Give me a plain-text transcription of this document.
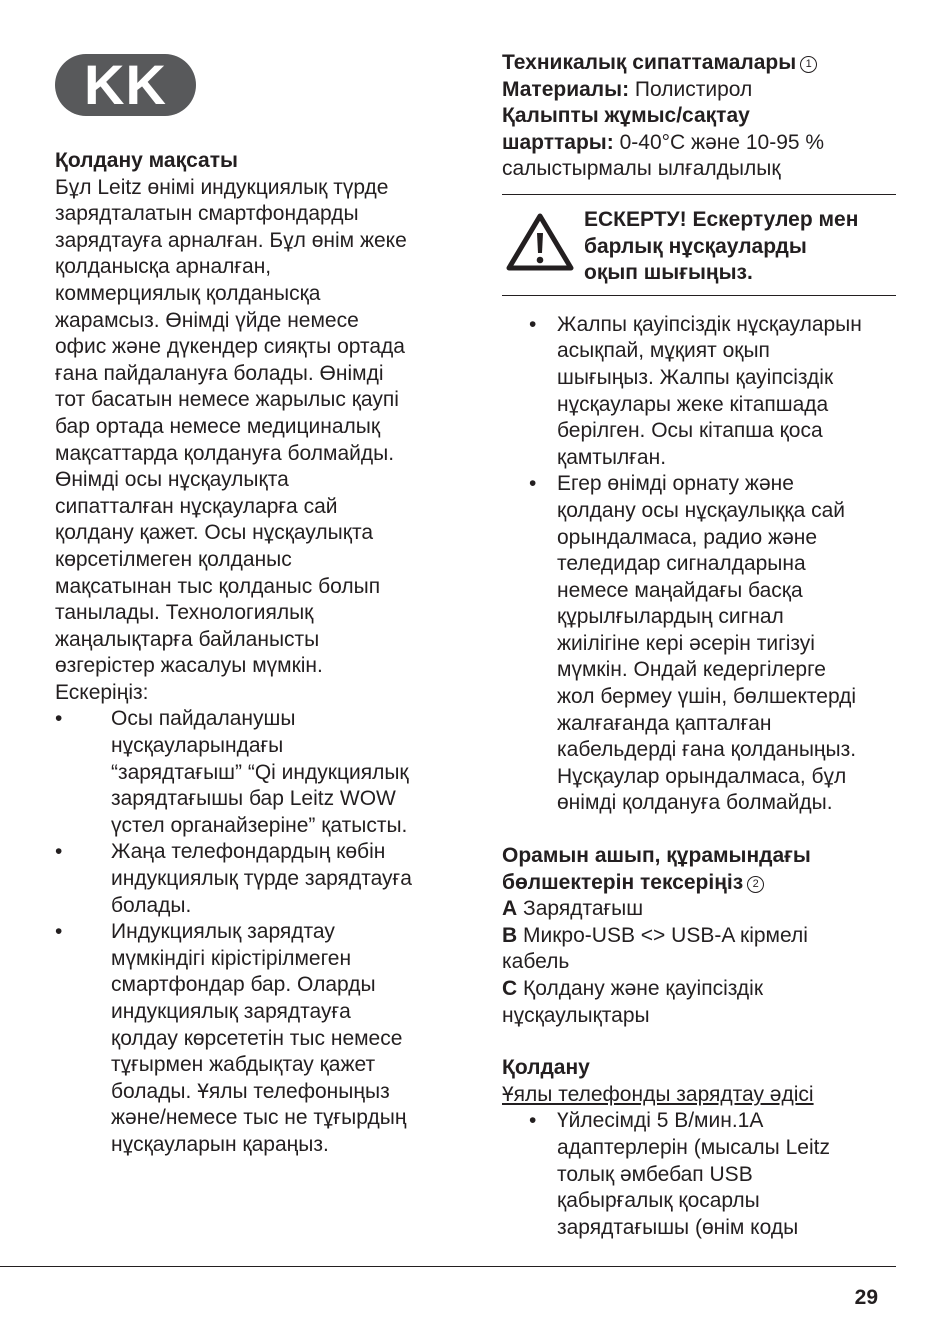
KK
Қолдану мақсаты

Бұл Leitz өнімі индукциялық түрде
зарядталатын смартфондарды
зарядтауға арналған. Бұл өнім жеке
қолданысқа арналған,
коммерциялық қолданысқа
жарамсыз. Өнімді үйде немесе
офис және дүкендер сияқты ортада
ғана пайдалануға болады. Өнімді
тот басатын немесе жарылыс қаупі
бар ортада немесе медициналық
мақсаттарда қолдануға болмайды.
Өнімді осы нұсқаулықта
сипатталған нұсқауларға сай
қолдану қажет. Осы нұсқаулықта
көрсетілмеген қолданыс
мақсатынан тыс қолданыс болып
танылады. Технологиялық
жаңалықтарға байланысты
өзгерістер жасалуы мүмкін.

Ескеріңіз:
• Осы пайдаланушы
нұсқауларындағы
“зарядтағыш” “Qi индукциялық
зарядтағышы бар Leitz WOW
үстел органайзеріне” қатысты.
• Жаңа телефондардың көбін
индукциялық түрде зарядтауға
болады.
• Индукциялық зарядтау
мүмкіндігі кірістірілмеген
смартфондар бар. Оларды
индукциялық зарядтауға
қолдау көрсететін тыс немесе
тұғырмен жабдықтау қажет
болады. Ұялы телефоныңыз
және/немесе тыс не тұғырдың
нұсқауларын қараңыз.
Техникалық сипаттамалары 1
Материалы: Полистирол
Қалыпты жұмыс/сақтау
шарттары: 0-40°C және 10-95 %
салыстырмалы ылғалдылық
ЕСКЕРТУ! Ескертулер мен
барлық нұсқауларды
оқып шығыңыз.
• Жалпы қауіпсіздік нұсқауларын
асықпай, мұқият оқып
шығыңыз. Жалпы қауіпсіздік
нұсқаулары жеке кітапшада
берілген. Осы кітапша қоса
қамтылған.
• Егер өнімді орнату және
қолдану осы нұсқаулыққа сай
орындалмаса, радио және
теледидар сигналдарына
немесе маңайдағы басқа
құрылғылардың сигнал
жиілігіне кері әсерін тигізуі
мүмкін. Ондай кедергілерге
жол бермеу үшін, бөлшектерді
жалғағанда қапталған
кабельдерді ғана қолданыңыз.
Нұсқаулар орындалмаса, бұл
өнімді қолдануға болмайды.
Орамын ашып, құрамындағы
бөлшектерін тексеріңіз 2
A Зарядтағыш
B Микро-USB <> USB-A кірмелі
кабель
C Қолдану және қауіпсіздік
нұсқаулықтары
Қолдану
Ұялы телефонды зарядтау әдісі
• Үйлесімді 5 В/мин.1А
адаптерлерін (мысалы Leitz
толық әмбебап USB
қабырғалық қосарлы
зарядтағышы (өнім коды
29
